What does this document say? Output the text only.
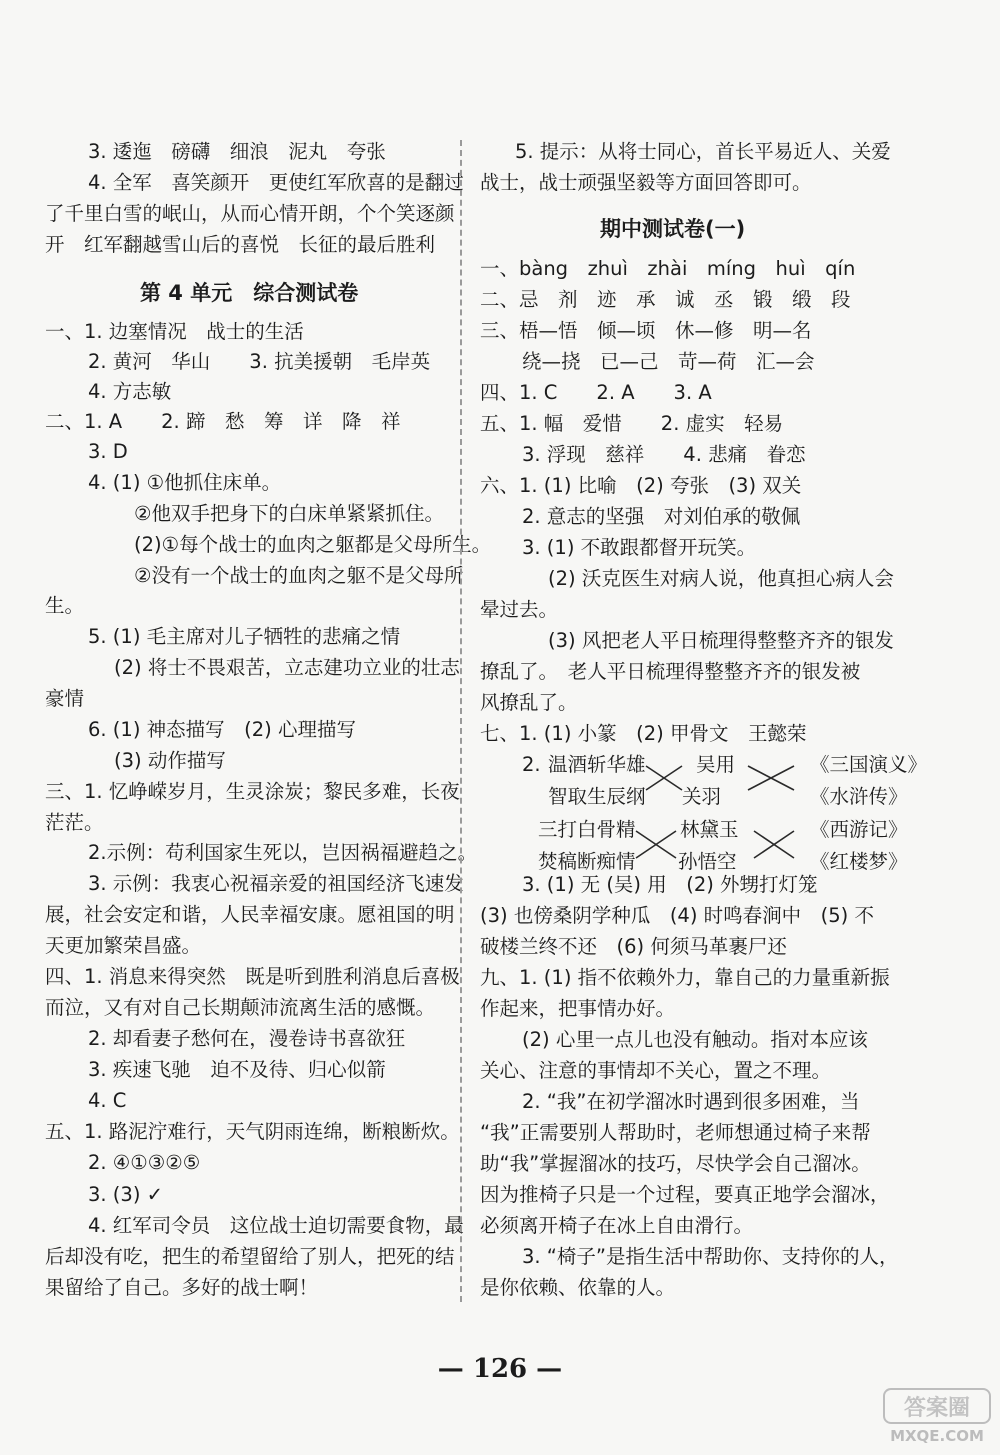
3. 逶迤　磅礴　细浪　泥丸　夸张
4. 全军　喜笑颜开　更使红军欣喜的是翻过
了千里白雪的岷山，从而心情开朗，个个笑逐颜
开　红军翻越雪山后的喜悦　长征的最后胜利
第 4 单元　综合测试卷
一、1. 边塞情况　战士的生活
2. 黄河　华山　　3. 抗美援朝　毛岸英
4. 方志敏
二、1. A　　2. 蹄　愁　筹　详　降　祥
3. D
4. (1) ①他抓住床单。
②他双手把身下的白床单紧紧抓住。
(2)①每个战士的血肉之躯都是父母所生。
②没有一个战士的血肉之躯不是父母所
生。
5. (1) 毛主席对儿子牺牲的悲痛之情
(2) 将士不畏艰苦，立志建功立业的壮志
豪情
6. (1) 神态描写　(2) 心理描写
(3) 动作描写
三、1. 忆峥嵘岁月，生灵涂炭；黎民多难，长夜
茫茫。
2.示例：苟利国家生死以，岂因祸福避趋之。
3. 示例：我衷心祝福亲爱的祖国经济飞速发
展，社会安定和谐，人民幸福安康。愿祖国的明
天更加繁荣昌盛。
四、1. 消息来得突然　既是听到胜利消息后喜极
而泣，又有对自己长期颠沛流离生活的感慨。
2. 却看妻子愁何在，漫卷诗书喜欲狂
3. 疾速飞驰　迫不及待、归心似箭
4. C
五、1. 路泥泞难行，天气阴雨连绵，断粮断炊。
2. ④①③②⑤
3. (3) ✓
4. 红军司令员　这位战士迫切需要食物，最
后却没有吃，把生的希望留给了别人，把死的结
果留给了自己。多好的战士啊！
5. 提示：从将士同心，首长平易近人、关爱
战士，战士顽强坚毅等方面回答即可。
期中测试卷(一)
一、bàng　zhuì　zhài　míng　huì　qín
二、忌　剂　迹　承　诚　丞　锻　缎　段
三、梧—悟　倾—顷　休—修　明—名
绕—挠　已—己　苛—荷　汇—会
四、1. C　　2. A　　3. A
五、1. 幅　爱惜　　2. 虚实　轻易
3. 浮现　慈祥　　4. 悲痛　眷恋
六、1. (1) 比喻　(2) 夸张　(3) 双关
2. 意志的坚强　对刘伯承的敬佩
3. (1) 不敢跟都督开玩笑。
(2) 沃克医生对病人说，他真担心病人会
晕过去。
(3) 风把老人平日梳理得整整齐齐的银发
撩乱了。　老人平日梳理得整整齐齐的银发被
风撩乱了。
七、1. (1) 小篆　(2) 甲骨文　王懿荣
2. 温酒斩华雄
智取生辰纲
三打白骨精
焚稿断痴情
吴用
关羽
林黛玉
孙悟空
《三国演义》
《水浒传》
《西游记》
《红楼梦》
3. (1) 无 (吴) 用　(2) 外甥打灯笼
(3) 也傍桑阴学种瓜　(4) 时鸣春涧中　(5) 不
破楼兰终不还　(6) 何须马革裹尸还
九、1. (1) 指不依赖外力，靠自己的力量重新振
作起来，把事情办好。
(2) 心里一点儿也没有触动。指对本应该
关心、注意的事情却不关心，置之不理。
2. “我”在初学溜冰时遇到很多困难，当
“我”正需要别人帮助时，老师想通过椅子来帮
助“我”掌握溜冰的技巧，尽快学会自己溜冰。
因为推椅子只是一个过程，要真正地学会溜冰，
必须离开椅子在冰上自由滑行。
3. “椅子”是指生活中帮助你、支持你的人，
是你依赖、依靠的人。
— 126 —
答案圈
MXQE.COM
